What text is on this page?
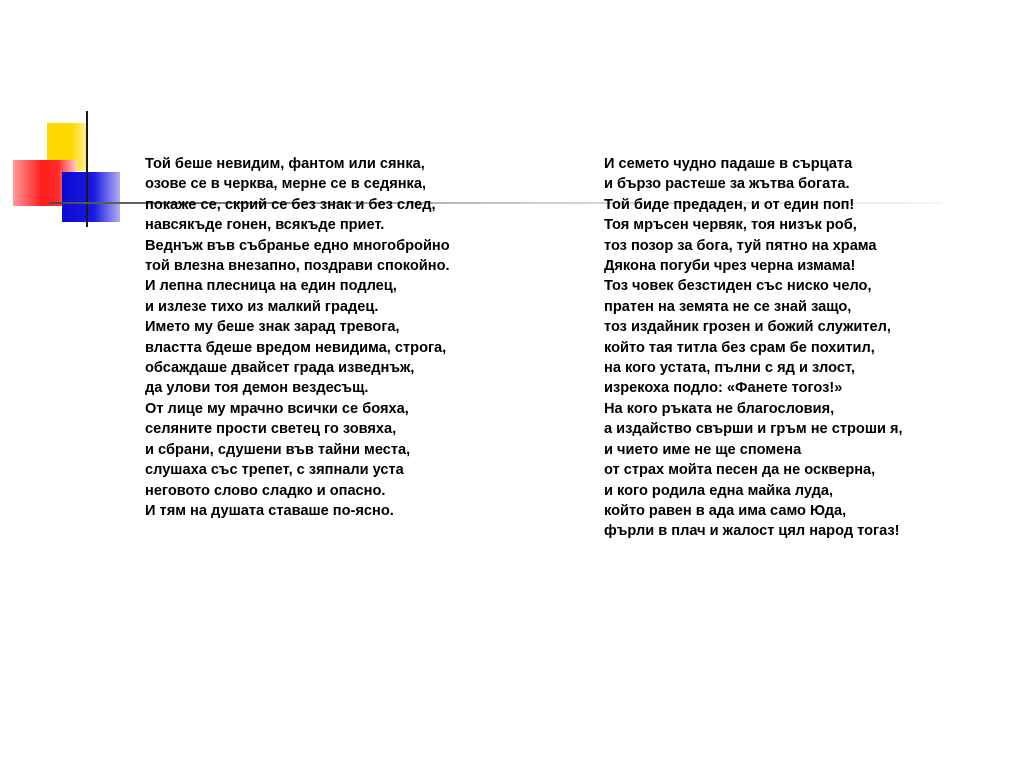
Той беше невидим, фантом или сянка,
озове се в черква, мерне се в седянка,
покаже се, скрий се без знак и без след,
навсякъде гонен, всякъде приет.
Веднъж във събранье едно многобройно
той влезна внезапно, поздрави спокойно.
И лепна плесница на един подлец,
и излезе тихо из малкий градец.
Името му беше знак зарад тревога,
властта бдеше вредом невидима, строга,
обсаждаше двайсет града изведнъж,
да улови тоя демон вездесъщ.
От лице му мрачно всички се бояха,
селяните прости светец го зовяха,
и сбрани, сдушени във тайни места,
слушаха със трепет, с зяпнали уста
неговото слово сладко и опасно.
И тям на душата ставаше по-ясно.
И семето чудно падаше в сърцата
и бързо растеше за жътва богата.
Той биде предаден, и от един поп!
Тоя мръсен червяк, тоя низък роб,
тоз позор за бога, туй пятно на храма
Дякона погуби чрез черна измама!
Тоз човек безстиден със ниско чело,
пратен на земята не се знай защо,
тоз издайник грозен и божий служител,
който тая титла без срам бе похитил,
на кого устата, пълни с яд и злост,
изрекоха подло: «Фанете тогоз!»
На кого ръката не благословия,
а издайство свърши и гръм не строши я,
и чието име не ще спомена
от страх мойта песен да не оскверна,
и кого родила една майка луда,
който равен в ада има само Юда,
фърли в плач и жалост цял народ тогаз!
